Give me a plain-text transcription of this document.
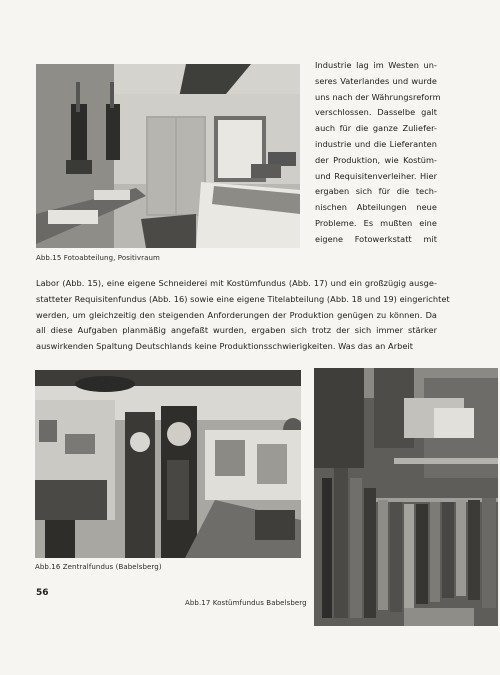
Abb.15 Fotoabteilung, Positivraum
Industrie lag im Westen un-
seres Vaterlandes und wurde
uns nach der Währungsreform
verschlossen. Dasselbe galt
auch für die ganze Zuliefer-
industrie und die Lieferanten
der Produktion, wie Kostüm-
und Requisitenverleiher. Hier
ergaben sich für die tech-
nischen Abteilungen neue
Probleme. Es mußten eine
eigene Fotowerkstatt mit
Labor (Abb. 15), eine eigene Schneiderei mit Kostümfundus (Abb. 17) und ein großzügig ausge-
statteter Requisitenfundus (Abb. 16) sowie eine eigene Titelabteilung (Abb. 18 und 19) eingerichtet
werden, um gleichzeitig den steigenden Anforderungen der Produktion genügen zu können. Da
all diese Aufgaben planmäßig angefaßt wurden, ergaben sich trotz der sich immer stärker
auswirkenden Spaltung Deutschlands keine Produktionsschwierigkeiten. Was das an Arbeit
Abb.16 Zentralfundus (Babelsberg)
Abb.17 Kostümfundus Babelsberg
56
